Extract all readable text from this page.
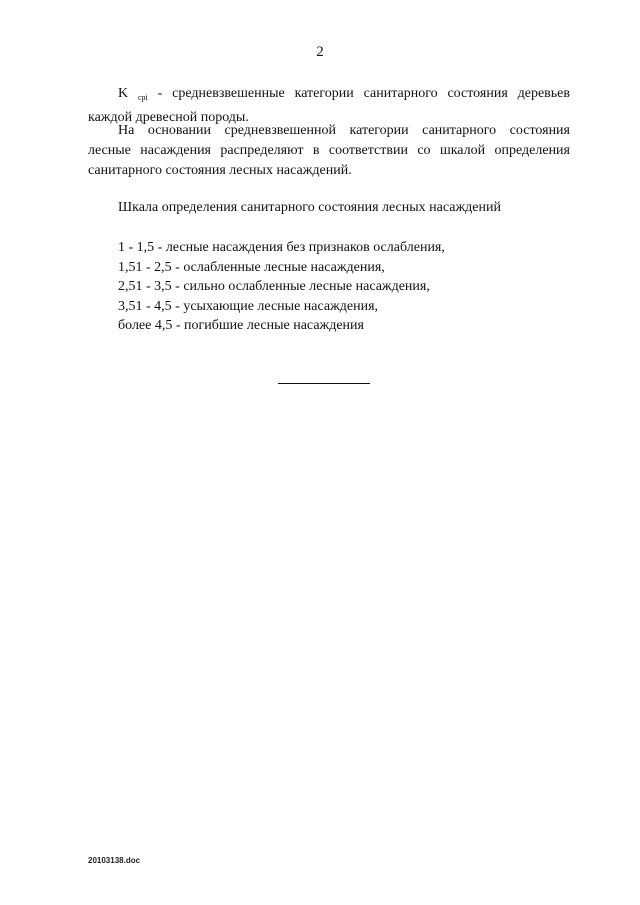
2
K $_{срi}$ - средневзвешенные категории санитарного состояния деревьев
каждой древесной породы.
На основании средневзвешенной категории санитарного состояния
лесные насаждения распределяют в соответствии со шкалой определения
санитарного состояния лесных насаждений.
Шкала определения санитарного состояния лесных насаждений
1 - 1,5 - лесные насаждения без признаков ослабления,
1,51 - 2,5 - ослабленные лесные насаждения,
2,51 - 3,5 - сильно ослабленные лесные насаждения,
3,51 - 4,5 - усыхающие лесные насаждения,
более 4,5 - погибшие лесные насаждения
20103138.doc
